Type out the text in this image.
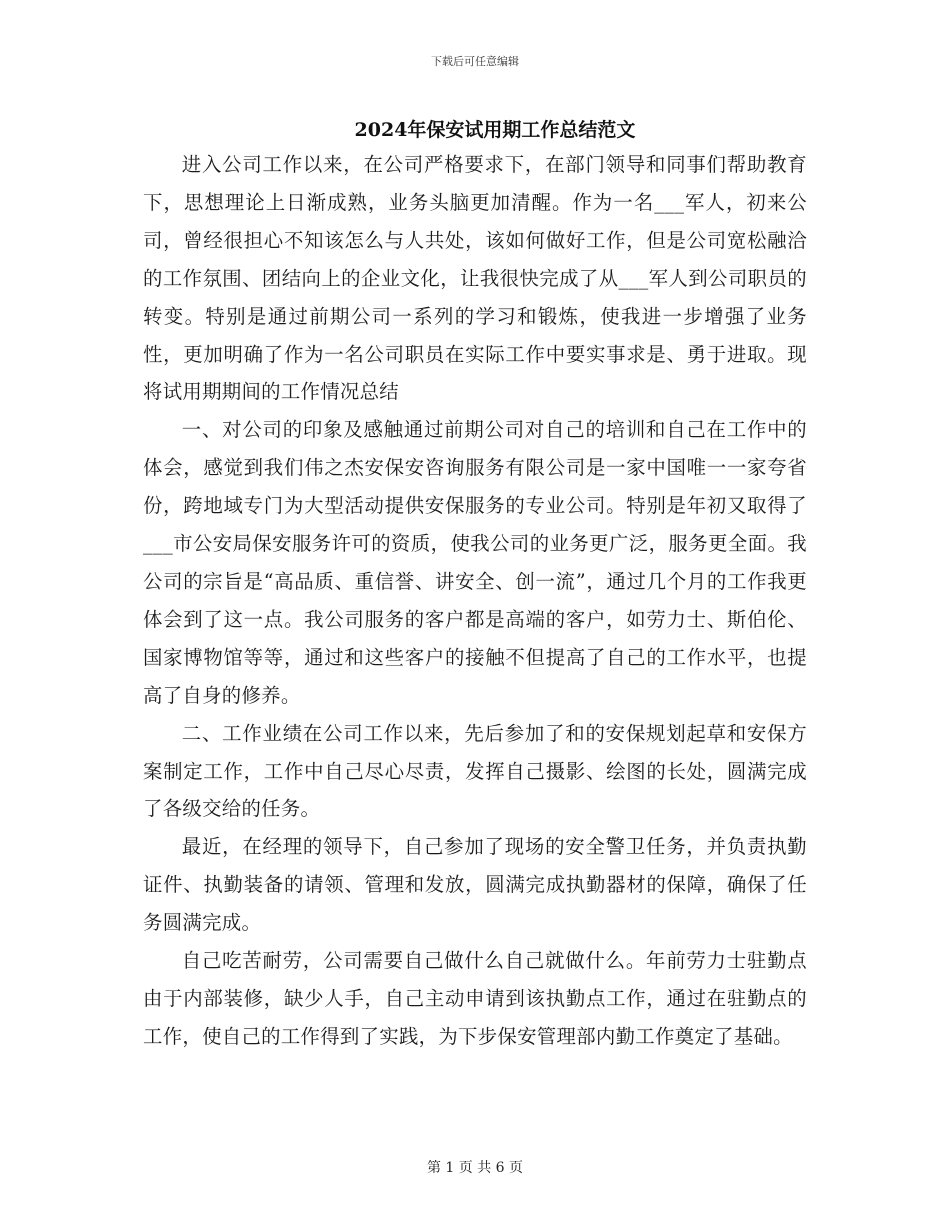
下载后可任意编辑
2024年保安试用期工作总结范文

进入公司工作以来，在公司严格要求下，在部门领导和同事们帮助教育下，思想理论上日渐成熟，业务头脑更加清醒。作为一名___军人，初来公司，曾经很担心不知该怎么与人共处，该如何做好工作，但是公司宽松融洽的工作氛围、团结向上的企业文化，让我很快完成了从___军人到公司职员的转变。特别是通过前期公司一系列的学习和锻炼，使我进一步增强了业务性，更加明确了作为一名公司职员在实际工作中要实事求是、勇于进取。现将试用期期间的工作情况总结

一、对公司的印象及感触通过前期公司对自己的培训和自己在工作中的体会，感觉到我们伟之杰安保安咨询服务有限公司是一家中国唯一一家夸省份，跨地域专门为大型活动提供安保服务的专业公司。特别是年初又取得了___市公安局保安服务许可的资质，使我公司的业务更广泛，服务更全面。我公司的宗旨是“高品质、重信誉、讲安全、创一流”，通过几个月的工作我更体会到了这一点。我公司服务的客户都是高端的客户，如劳力士、斯伯伦、国家博物馆等等，通过和这些客户的接触不但提高了自己的工作水平，也提高了自身的修养。

二、工作业绩在公司工作以来，先后参加了和的安保规划起草和安保方案制定工作，工作中自己尽心尽责，发挥自己摄影、绘图的长处，圆满完成了各级交给的任务。

最近，在经理的领导下，自己参加了现场的安全警卫任务，并负责执勤证件、执勤装备的请领、管理和发放，圆满完成执勤器材的保障，确保了任务圆满完成。

自己吃苦耐劳，公司需要自己做什么自己就做什么。年前劳力士驻勤点由于内部装修，缺少人手，自己主动申请到该执勤点工作，通过在驻勤点的工作，使自己的工作得到了实践，为下步保安管理部内勤工作奠定了基础。

第 1 页 共 6 页
